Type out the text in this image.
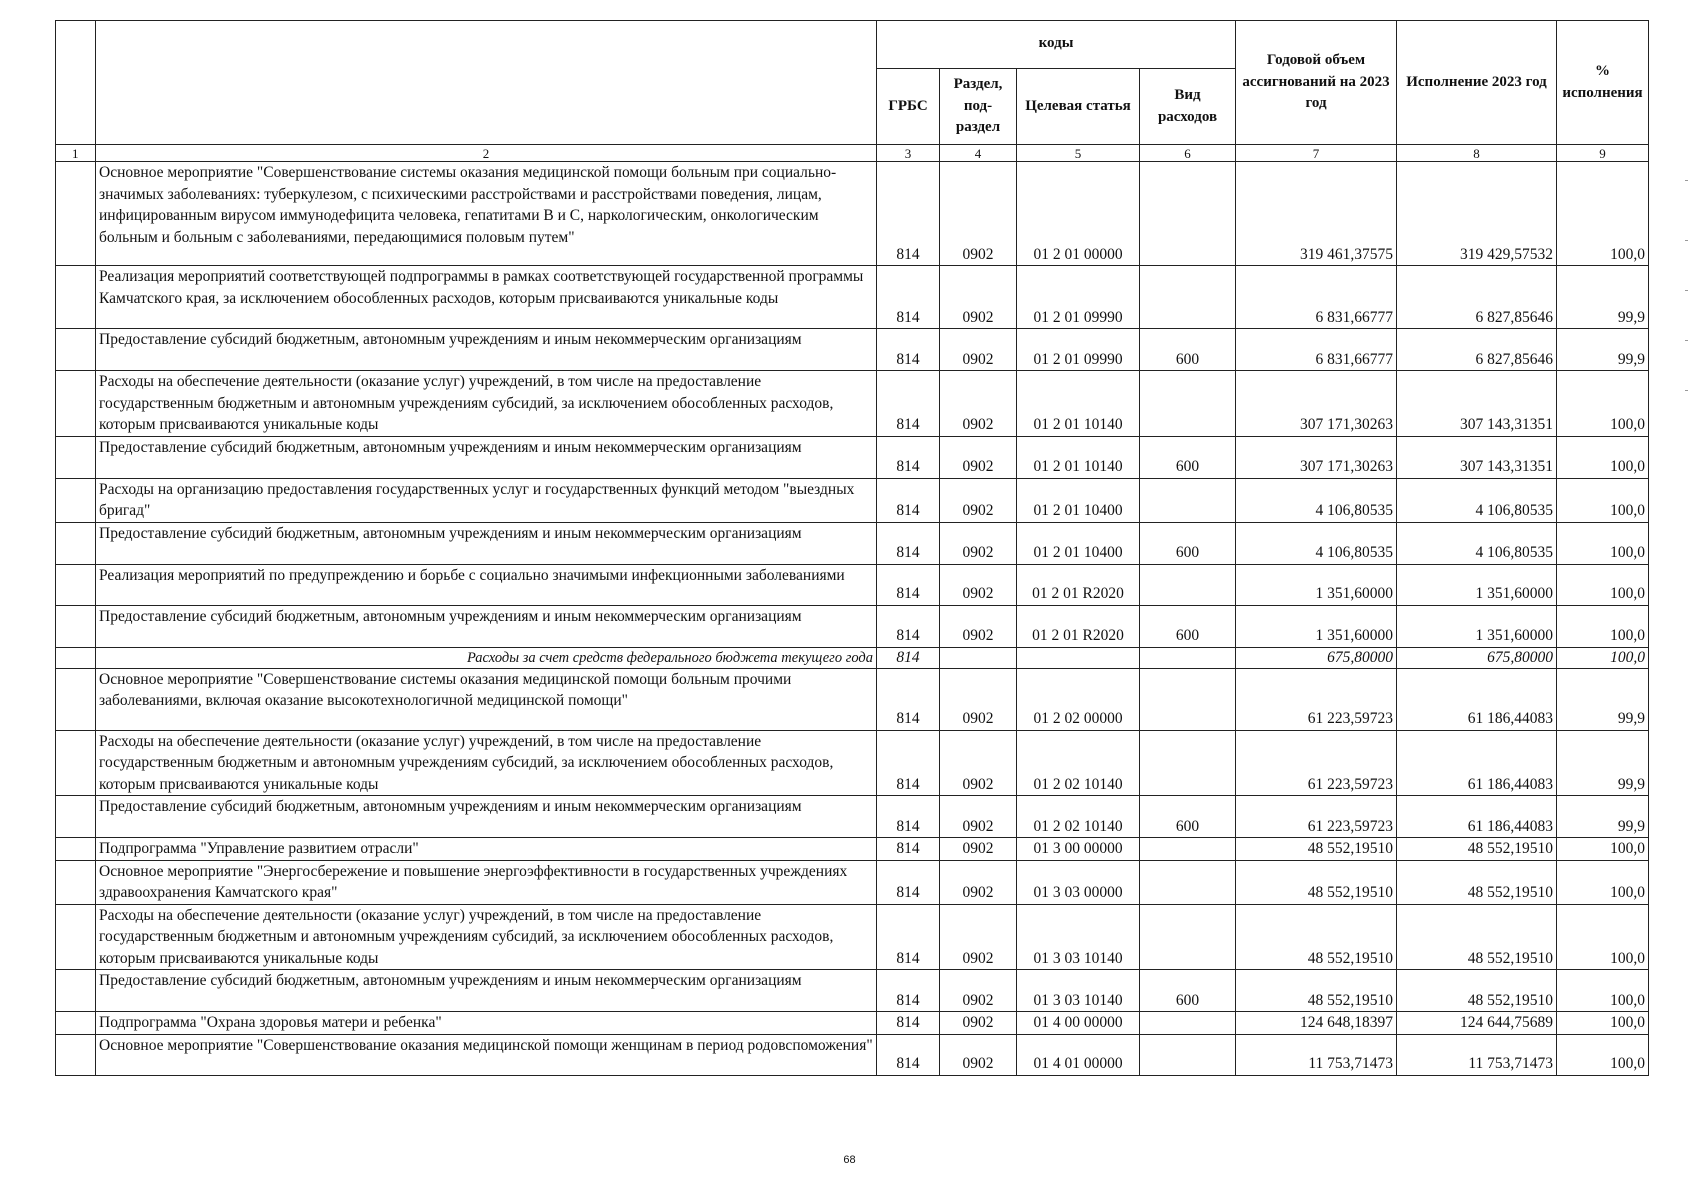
		коды				Годовой объем ассигнований на 2023 год	Исполнение 2023 год	% исполнения
		ГРБС	Раздел, под-раздел	Целевая статья	Вид расходов			
1	2	3	4	5	6	7	8	9
	Основное мероприятие "Совершенствование системы оказания медицинской помощи больным при социально-значимых заболеваниях: туберкулезом, с психическими расстройствами и расстройствами поведения, лицам, инфицированным вирусом иммунодефицита человека, гепатитами В и С, наркологическим, онкологическим больным и больным с заболеваниями, передающимися половым путем"	814	0902	01 2 01 00000		319 461,37575	319 429,57532	100,0
	Реализация мероприятий соответствующей подпрограммы в рамках соответствующей государственной программы Камчатского края, за исключением обособленных расходов, которым присваиваются уникальные коды	814	0902	01 2 01 09990		6 831,66777	6 827,85646	99,9
	Предоставление субсидий бюджетным, автономным учреждениям и иным некоммерческим организациям	814	0902	01 2 01 09990	600	6 831,66777	6 827,85646	99,9
	Расходы на обеспечение деятельности (оказание услуг) учреждений, в том числе на предоставление государственным бюджетным и автономным учреждениям субсидий, за исключением обособленных расходов, которым присваиваются уникальные коды	814	0902	01 2 01 10140		307 171,30263	307 143,31351	100,0
	Предоставление субсидий бюджетным, автономным учреждениям и иным некоммерческим организациям	814	0902	01 2 01 10140	600	307 171,30263	307 143,31351	100,0
	Расходы на организацию предоставления государственных услуг и государственных функций методом "выездных бригад"	814	0902	01 2 01 10400		4 106,80535	4 106,80535	100,0
	Предоставление субсидий бюджетным, автономным учреждениям и иным некоммерческим организациям	814	0902	01 2 01 10400	600	4 106,80535	4 106,80535	100,0
	Реализация мероприятий по предупреждению и борьбе с социально значимыми инфекционными заболеваниями	814	0902	01 2 01 R2020		1 351,60000	1 351,60000	100,0
	Предоставление субсидий бюджетным, автономным учреждениям и иным некоммерческим организациям	814	0902	01 2 01 R2020	600	1 351,60000	1 351,60000	100,0
	Расходы за счет средств федерального бюджета текущего года	814				675,80000	675,80000	100,0
	Основное мероприятие "Совершенствование системы оказания медицинской помощи больным прочими заболеваниями, включая оказание высокотехнологичной медицинской помощи"	814	0902	01 2 02 00000		61 223,59723	61 186,44083	99,9
	Расходы на обеспечение деятельности (оказание услуг) учреждений, в том числе на предоставление государственным бюджетным и автономным учреждениям субсидий, за исключением обособленных расходов, которым присваиваются уникальные коды	814	0902	01 2 02 10140		61 223,59723	61 186,44083	99,9
	Предоставление субсидий бюджетным, автономным учреждениям и иным некоммерческим организациям	814	0902	01 2 02 10140	600	61 223,59723	61 186,44083	99,9
	Подпрограмма "Управление развитием отрасли"	814	0902	01 3 00 00000		48 552,19510	48 552,19510	100,0
	Основное мероприятие "Энергосбережение и повышение энергоэффективности в государственных учреждениях здравоохранения Камчатского края"	814	0902	01 3 03 00000		48 552,19510	48 552,19510	100,0
	Расходы на обеспечение деятельности (оказание услуг) учреждений, в том числе на предоставление государственным бюджетным и автономным учреждениям субсидий, за исключением обособленных расходов, которым присваиваются уникальные коды	814	0902	01 3 03 10140		48 552,19510	48 552,19510	100,0
	Предоставление субсидий бюджетным, автономным учреждениям и иным некоммерческим организациям	814	0902	01 3 03 10140	600	48 552,19510	48 552,19510	100,0
	Подпрограмма "Охрана здоровья матери и ребенка"	814	0902	01 4 00 00000		124 648,18397	124 644,75689	100,0
	Основное мероприятие "Совершенствование оказания медицинской помощи женщинам в период родовспоможения"	814	0902	01 4 01 00000		11 753,71473	11 753,71473	100,0
68
